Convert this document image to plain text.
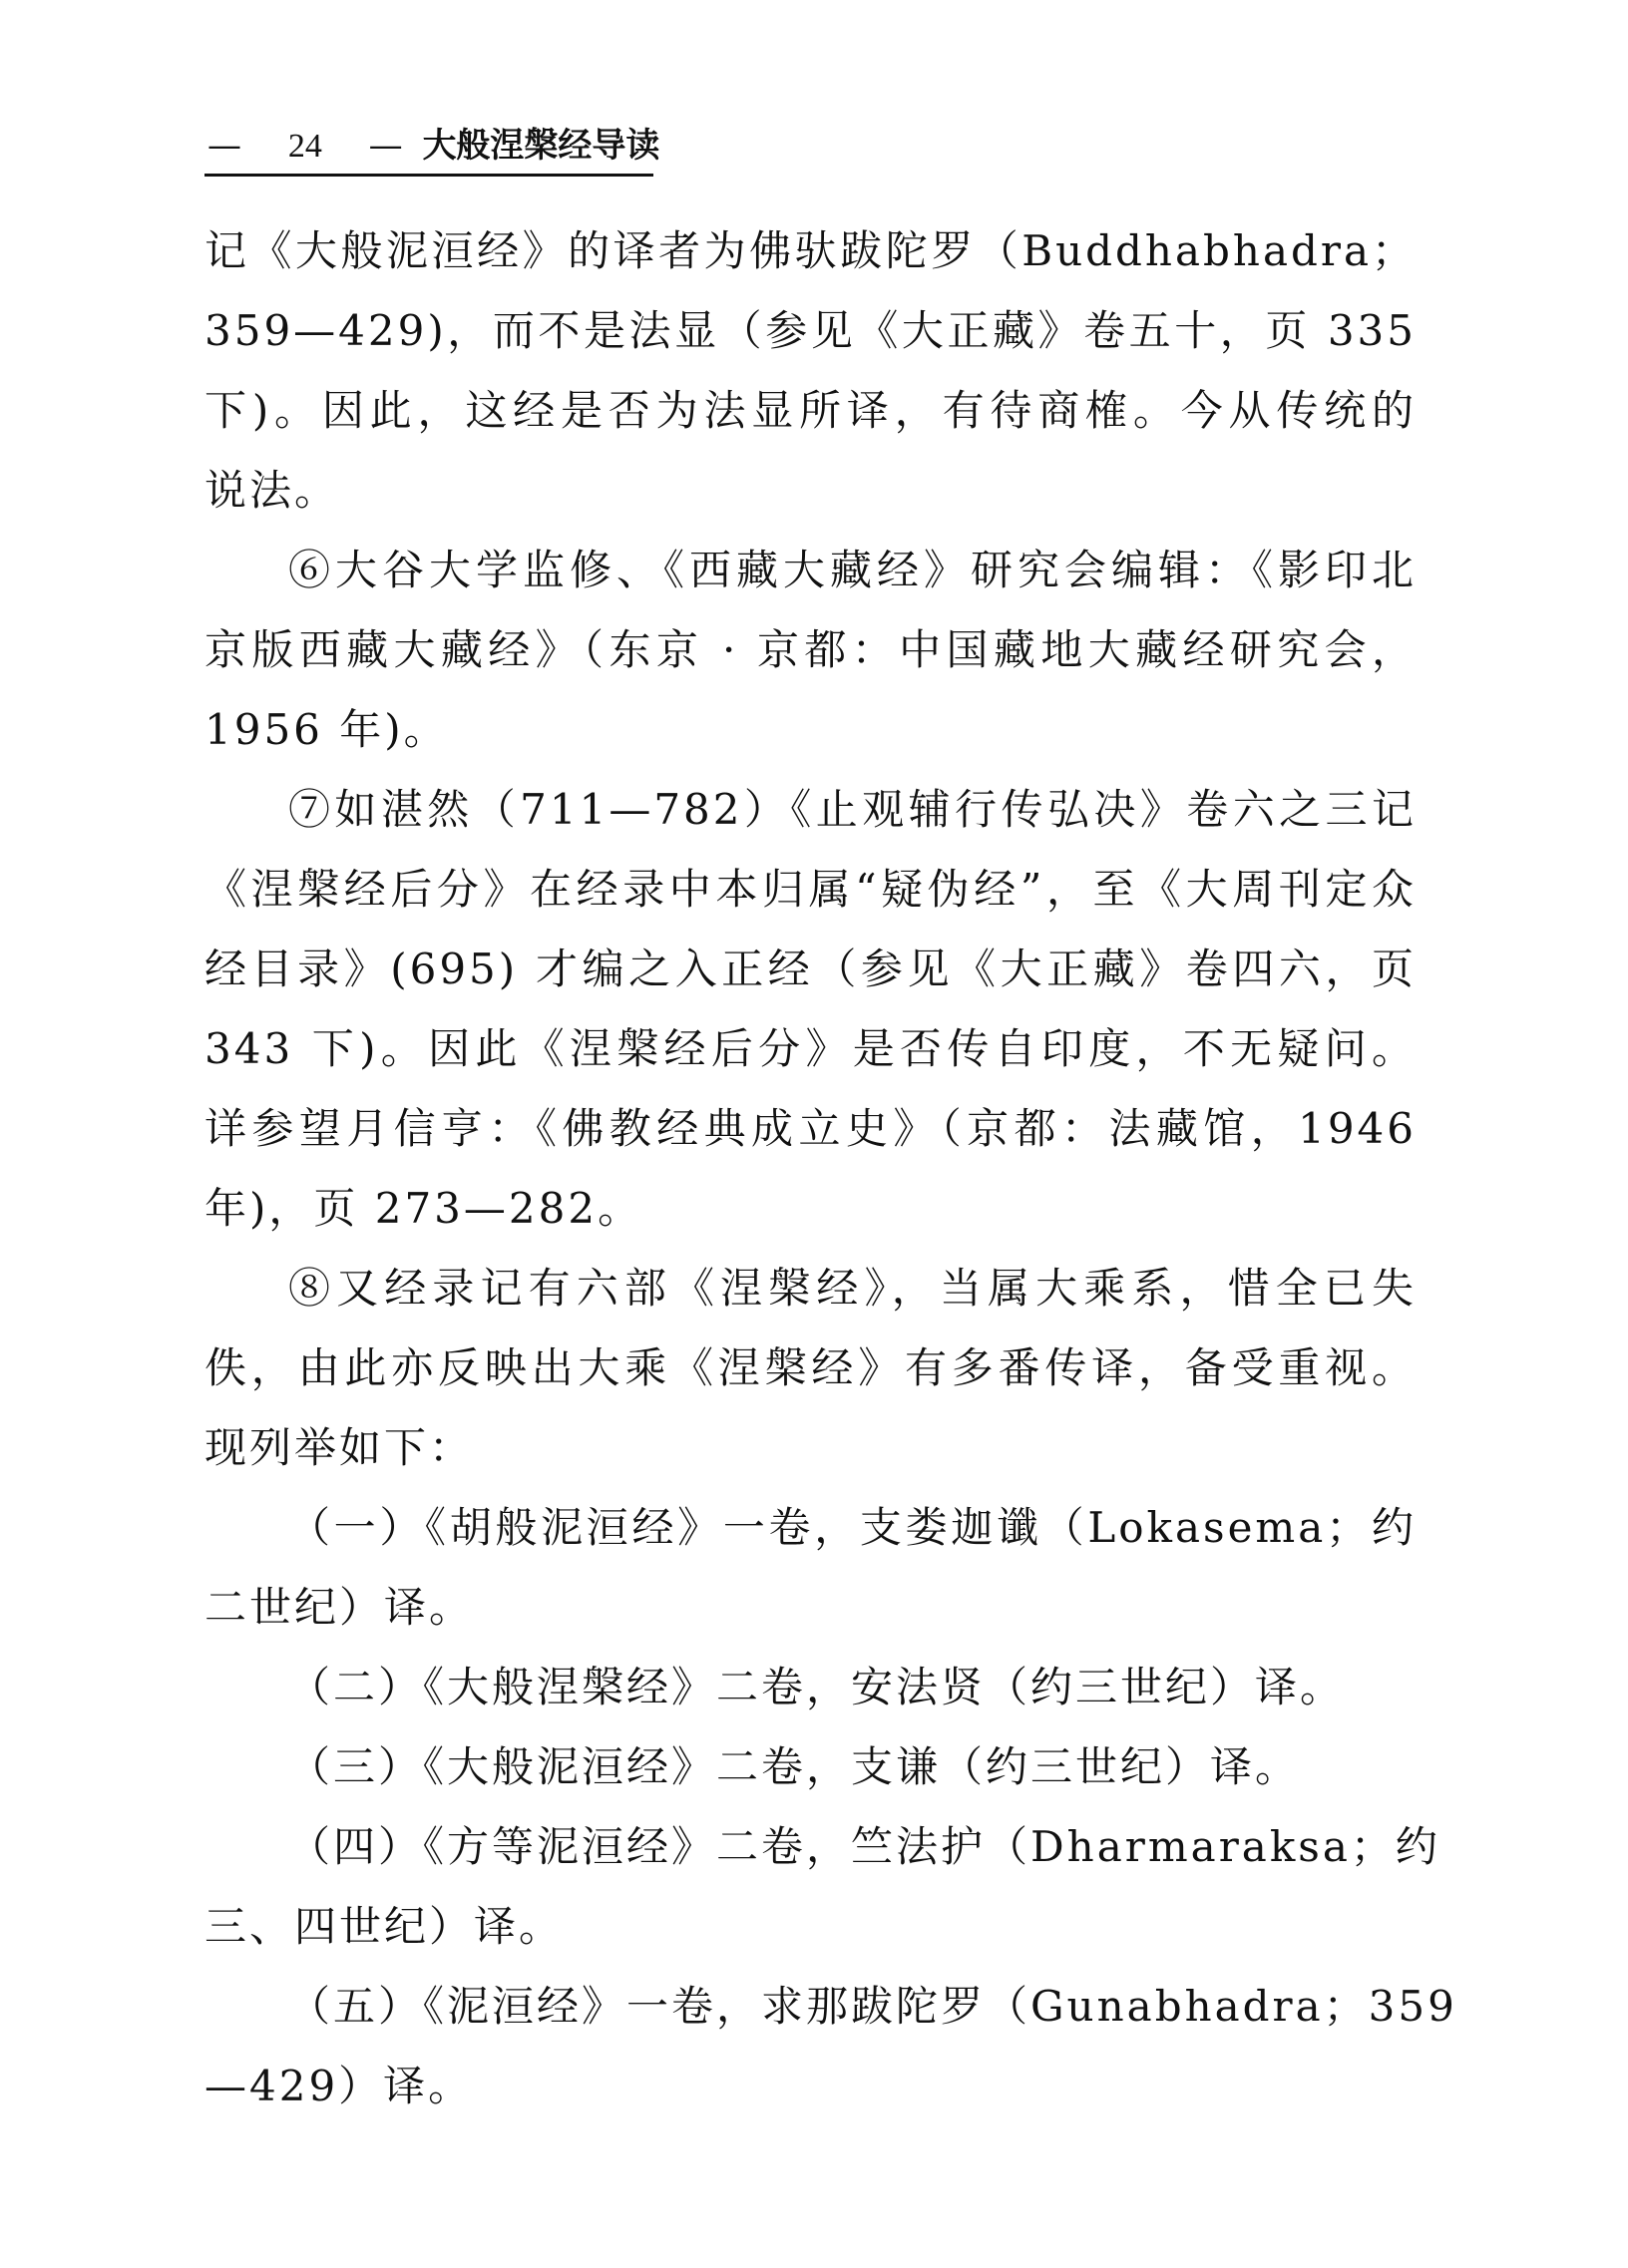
— 24 — 大般涅槃经导读
记《大般泥洹经》的译者为佛驮跋陀罗（Buddhabhadra；
359—429)，而不是法显（参见《大正藏》卷五十，页 335
下)。因此，这经是否为法显所译，有待商榷。今从传统的
说法。
⑥大谷大学监修、《西藏大藏经》研究会编辑：《影印北
京版西藏大藏经》（东京 · 京都：中国藏地大藏经研究会，
1956 年)。
⑦如湛然（711—782）《止观辅行传弘决》卷六之三记
《涅槃经后分》在经录中本归属“疑伪经”，至《大周刊定众
经目录》(695) 才编之入正经（参见《大正藏》卷四六，页
343 下)。因此《涅槃经后分》是否传自印度，不无疑问。
详参望月信亨：《佛教经典成立史》（京都：法藏馆，1946
年)，页 273—282。
⑧又经录记有六部《涅槃经》，当属大乘系，惜全已失
佚，由此亦反映出大乘《涅槃经》有多番传译，备受重视。
现列举如下：
（一）《胡般泥洹经》一卷，支娄迦谶（Lokasema；约
二世纪）译。
（二）《大般涅槃经》二卷，安法贤（约三世纪）译。
（三）《大般泥洹经》二卷，支谦（约三世纪）译。
（四）《方等泥洹经》二卷，竺法护（Dharmaraksa；约
三、四世纪）译。
（五）《泥洹经》一卷，求那跋陀罗（Gunabhadra；359
—429）译。
